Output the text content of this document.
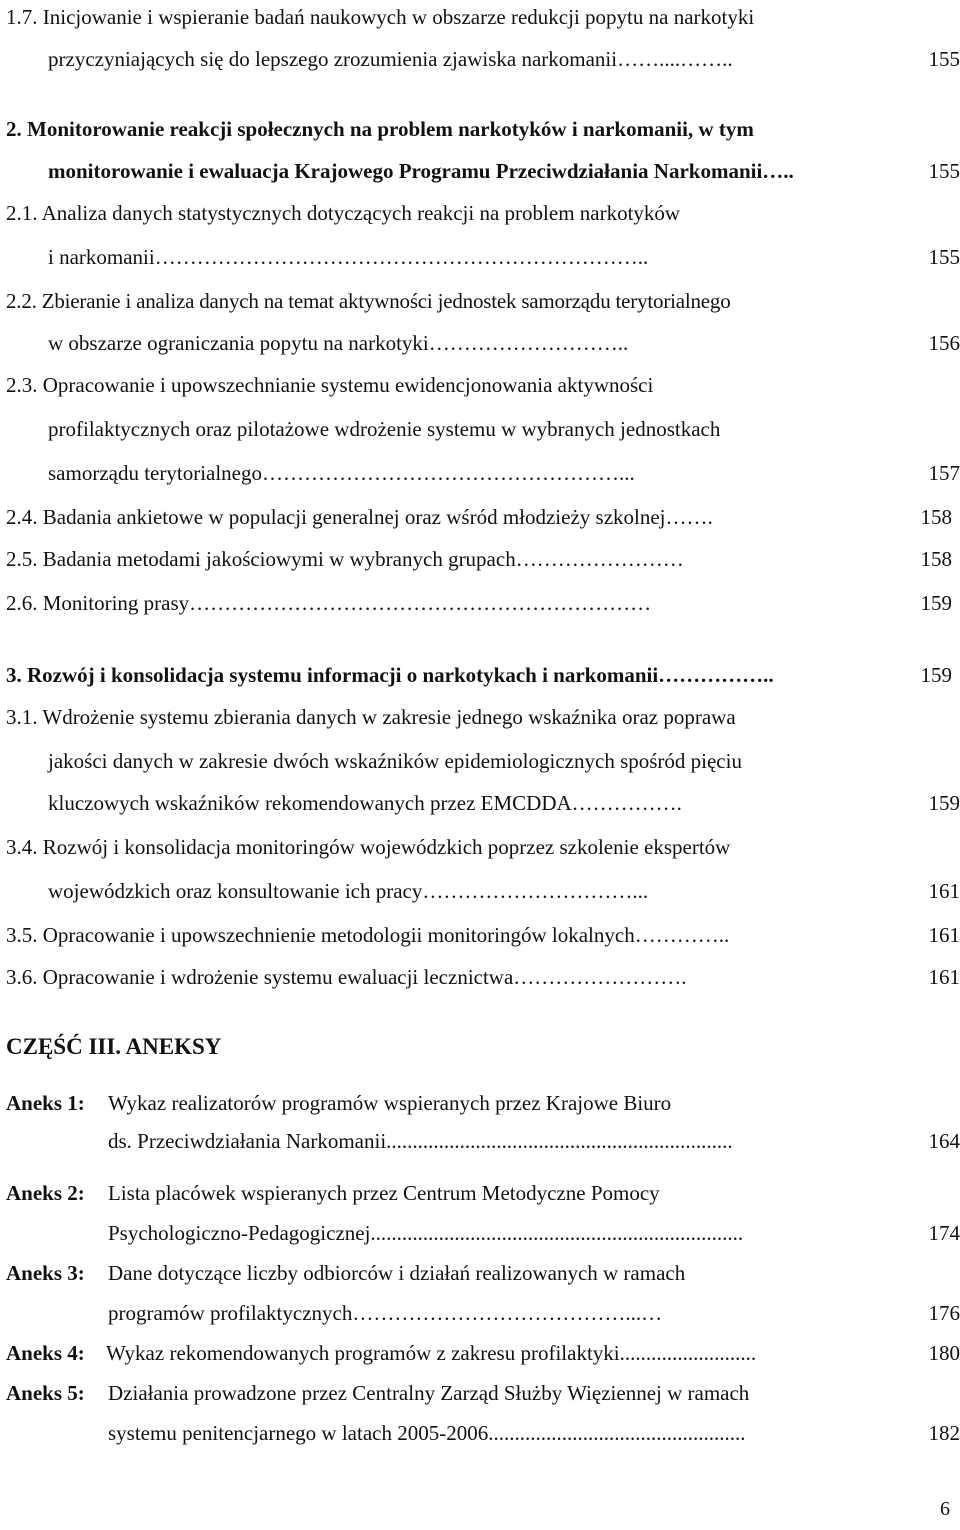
1.7. Inicjowanie i wspieranie badań naukowych w obszarze redukcji popytu na narkotyki
przyczyniających się do lepszego zrozumienia zjawiska narkomanii……....……..	155
2. Monitorowanie reakcji społecznych na problem narkotyków i narkomanii, w tym
monitorowanie i ewaluacja Krajowego Programu Przeciwdziałania Narkomanii…..	155
2.1. Analiza danych statystycznych dotyczących reakcji na problem narkotyków
i narkomanii……………………………………………………………..	155
2.2. Zbieranie i analiza danych na temat aktywności jednostek samorządu terytorialnego
w obszarze ograniczania popytu na narkotyki………………………..	156
2.3. Opracowanie i upowszechnianie systemu ewidencjonowania aktywności
profilaktycznych oraz pilotażowe wdrożenie systemu w wybranych jednostkach
samorządu terytorialnego……………………………………………...	157
2.4. Badania ankietowe w populacji generalnej oraz wśród młodzieży szkolnej…….	158
2.5. Badania metodami jakościowymi w wybranych grupach……………………	158
2.6. Monitoring prasy…………………………………………………………	159
3. Rozwój i konsolidacja systemu informacji o narkotykach i narkomanii……………..	159
3.1. Wdrożenie systemu zbierania danych w zakresie jednego wskaźnika oraz poprawa
jakości danych w zakresie dwóch wskaźników epidemiologicznych spośród pięciu
kluczowych wskaźników rekomendowanych przez EMCDDA…………….	159
3.4. Rozwój i konsolidacja monitoringów wojewódzkich poprzez szkolenie ekspertów
wojewódzkich oraz konsultowanie ich pracy…………………………...	161
3.5. Opracowanie i upowszechnienie metodologii monitoringów lokalnych…………..	161
3.6. Opracowanie i wdrożenie systemu ewaluacji lecznictwa…………………….	161
CZĘŚĆ III. ANEKSY
Aneks 1: Wykaz realizatorów programów wspieranych przez Krajowe Biuro
ds. Przeciwdziałania Narkomanii..................................................................	164
Aneks 2: Lista placówek wspieranych przez Centrum Metodyczne Pomocy
Psychologiczno-Pedagogicznej.......................................................................	174
Aneks 3: Dane dotyczące liczby odbiorców i działań realizowanych w ramach
programów profilaktycznych…………………………………...…	176
Aneks 4: Wykaz rekomendowanych programów z zakresu profilaktyki..........................	180
Aneks 5: Działania prowadzone przez Centralny Zarząd Służby Więziennej w ramach
systemu penitencjarnego w latach 2005-2006.................................................	182
6
